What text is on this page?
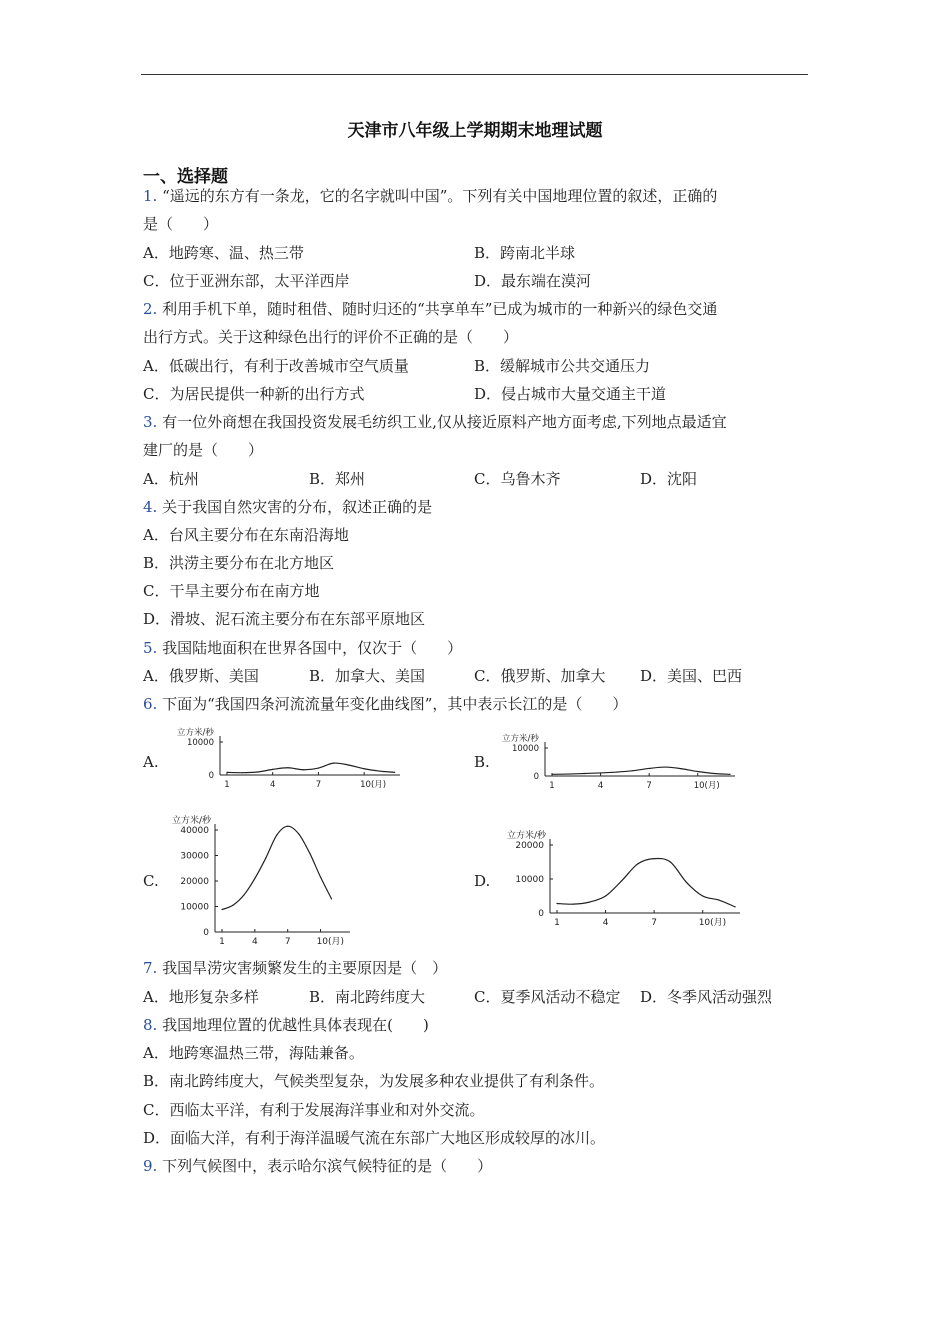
天津市八年级上学期期末地理试题
一、选择题
1. “遥远的东方有一条龙，它的名字就叫中国”。下列有关中国地理位置的叙述，正确的
是（　　）
A．地跨寒、温、热三带	B．跨南北半球
C．位于亚洲东部，太平洋西岸	D．最东端在漠河
2. 利用手机下单，随时租借、随时归还的“共享单车”已成为城市的一种新兴的绿色交通
出行方式。关于这种绿色出行的评价不正确的是（　　）
A．低碳出行，有利于改善城市空气质量	B．缓解城市公共交通压力
C．为居民提供一种新的出行方式	D．侵占城市大量交通主干道
3. 有一位外商想在我国投资发展毛纺织工业,仅从接近原料产地方面考虑,下列地点最适宜
建厂的是（　　）
A．杭州	B．郑州	C．乌鲁木齐	D．沈阳
4. 关于我国自然灾害的分布，叙述正确的是
A．台风主要分布在东南沿海地
B．洪涝主要分布在北方地区
C．干旱主要分布在南方地
D．滑坡、泥石流主要分布在东部平原地区
5. 我国陆地面积在世界各国中，仅次于（　　）
A．俄罗斯、美国	B．加拿大、美国	C．俄罗斯、加拿大 D．美国、巴西
6. 下面为“我国四条河流流量年变化曲线图”，其中表示长江的是（　　）
A.	B.
C.	D.
立方米/秒
10000
0
1	4	7	10(月)
立方米/秒
10000
0
1	4	7	10(月)
立方米/秒
40000
30000
20000
10000
0
1	4	7	10(月)
立方米/秒
20000
10000
0
1	4	7	10(月)
7. 我国旱涝灾害频繁发生的主要原因是（　）
A．地形复杂多样	B．南北跨纬度大	C．夏季风活动不稳定 D．冬季风活动强烈
8. 我国地理位置的优越性具体表现在(　　)
A．地跨寒温热三带，海陆兼备。
B．南北跨纬度大，气候类型复杂，为发展多种农业提供了有利条件。
C．西临太平洋，有利于发展海洋事业和对外交流。
D．面临大洋，有利于海洋温暖气流在东部广大地区形成较厚的冰川。
9. 下列气候图中，表示哈尔滨气候特征的是（　　）
